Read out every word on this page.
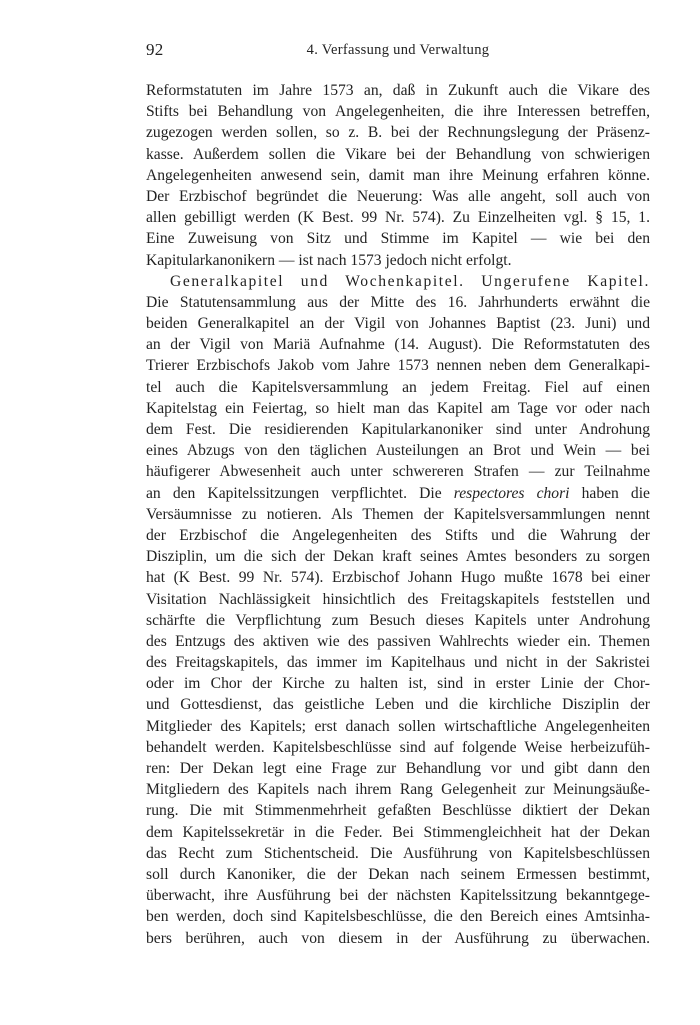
92	4. Verfassung und Verwaltung
Reformstatuten im Jahre 1573 an, daß in Zukunft auch die Vikare des
Stifts bei Behandlung von Angelegenheiten, die ihre Interessen betreffen,
zugezogen werden sollen, so z. B. bei der Rechnungslegung der Präsenz-
kasse. Außerdem sollen die Vikare bei der Behandlung von schwierigen
Angelegenheiten anwesend sein, damit man ihre Meinung erfahren könne.
Der Erzbischof begründet die Neuerung: Was alle angeht, soll auch von
allen gebilligt werden (K Best. 99 Nr. 574). Zu Einzelheiten vgl. § 15, 1.
Eine Zuweisung von Sitz und Stimme im Kapitel — wie bei den
Kapitularkanonikern — ist nach 1573 jedoch nicht erfolgt.
Generalkapitel und Wochenkapitel. Ungerufene Kapitel.
Die Statutensammlung aus der Mitte des 16. Jahrhunderts erwähnt die
beiden Generalkapitel an der Vigil von Johannes Baptist (23. Juni) und
an der Vigil von Mariä Aufnahme (14. August). Die Reformstatuten des
Trierer Erzbischofs Jakob vom Jahre 1573 nennen neben dem Generalkapi-
tel auch die Kapitelsversammlung an jedem Freitag. Fiel auf einen
Kapitelstag ein Feiertag, so hielt man das Kapitel am Tage vor oder nach
dem Fest. Die residierenden Kapitularkanoniker sind unter Androhung
eines Abzugs von den täglichen Austeilungen an Brot und Wein — bei
häufigerer Abwesenheit auch unter schwereren Strafen — zur Teilnahme
an den Kapitelssitzungen verpflichtet. Die respectores chori haben die
Versäumnisse zu notieren. Als Themen der Kapitelsversammlungen nennt
der Erzbischof die Angelegenheiten des Stifts und die Wahrung der
Disziplin, um die sich der Dekan kraft seines Amtes besonders zu sorgen
hat (K Best. 99 Nr. 574). Erzbischof Johann Hugo mußte 1678 bei einer
Visitation Nachlässigkeit hinsichtlich des Freitagskapitels feststellen und
schärfte die Verpflichtung zum Besuch dieses Kapitels unter Androhung
des Entzugs des aktiven wie des passiven Wahlrechts wieder ein. Themen
des Freitagskapitels, das immer im Kapitelhaus und nicht in der Sakristei
oder im Chor der Kirche zu halten ist, sind in erster Linie der Chor-
und Gottesdienst, das geistliche Leben und die kirchliche Disziplin der
Mitglieder des Kapitels; erst danach sollen wirtschaftliche Angelegenheiten
behandelt werden. Kapitelsbeschlüsse sind auf folgende Weise herbeizufüh-
ren: Der Dekan legt eine Frage zur Behandlung vor und gibt dann den
Mitgliedern des Kapitels nach ihrem Rang Gelegenheit zur Meinungsäuße-
rung. Die mit Stimmenmehrheit gefaßten Beschlüsse diktiert der Dekan
dem Kapitelssekretär in die Feder. Bei Stimmengleichheit hat der Dekan
das Recht zum Stichentscheid. Die Ausführung von Kapitelsbeschlüssen
soll durch Kanoniker, die der Dekan nach seinem Ermessen bestimmt,
überwacht, ihre Ausführung bei der nächsten Kapitelssitzung bekanntgege-
ben werden, doch sind Kapitelsbeschlüsse, die den Bereich eines Amtsinha-
bers berühren, auch von diesem in der Ausführung zu überwachen.
